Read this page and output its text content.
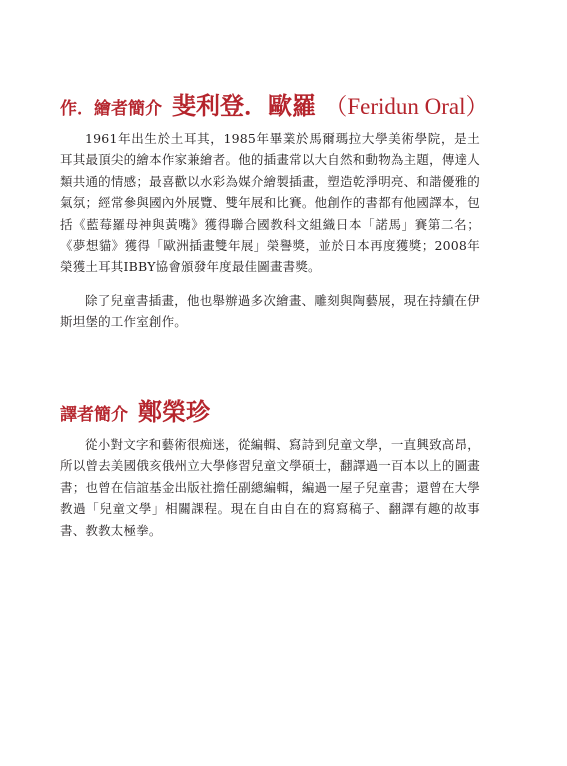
作．繪者簡介 斐利登．歐羅 （Feridun Oral）

1961年出生於土耳其，1985年畢業於馬爾瑪拉大學美術學院，是土耳其最頂尖的繪本作家兼繪者。他的插畫常以大自然和動物為主題，傳達人類共通的情感；最喜歡以水彩為媒介繪製插畫，塑造乾淨明亮、和諧優雅的氣氛；經常參與國內外展覽、雙年展和比賽。他創作的書都有他國譯本，包括《藍莓羅母神與黃嘴》獲得聯合國教科文組織日本「諾馬」賽第二名；《夢想貓》獲得「歐洲插畫雙年展」榮譽獎，並於日本再度獲獎；2008年榮獲土耳其IBBY協會頒發年度最佳圖畫書獎。

除了兒童書插畫，他也舉辦過多次繪畫、雕刻與陶藝展，現在持續在伊斯坦堡的工作室創作。

譯者簡介 鄭榮珍

從小對文字和藝術很痴迷，從編輯、寫詩到兒童文學，一直興致高昂，所以曾去美國俄亥俄州立大學修習兒童文學碩士，翻譯過一百本以上的圖畫書；也曾在信誼基金出版社擔任副總編輯，編過一屋子兒童書；還曾在大學教過「兒童文學」相關課程。現在自由自在的寫寫稿子、翻譯有趣的故事書、教教太極拳。
